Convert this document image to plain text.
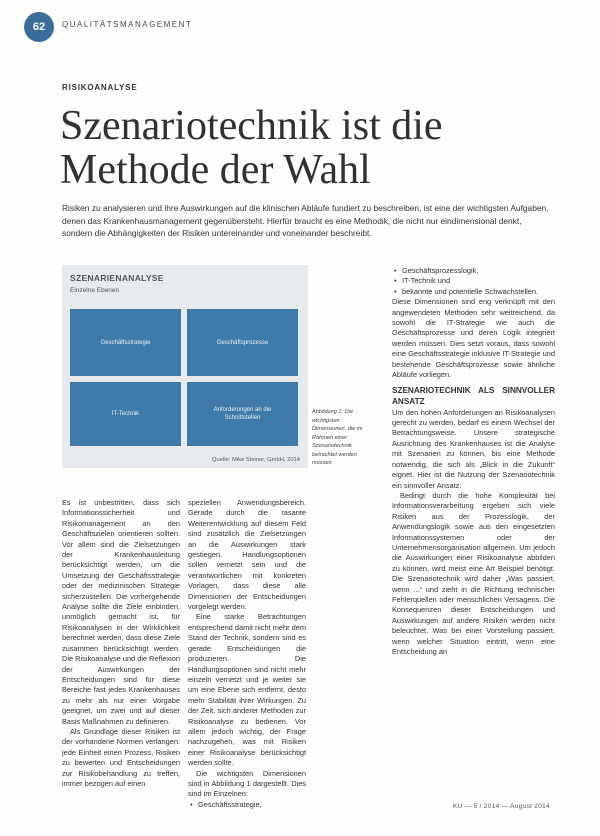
62	QUALITÄTSMANAGEMENT
RISIKOANALYSE
Szenariotechnik ist die
Methode der Wahl
Risiken zu analysieren und ihre Auswirkungen auf die klinischen Abläufe fundiert zu beschreiben, ist eine der wichtigsten Aufgaben, denen das Krankenhausmanagement gegenübersteht. Hierfür braucht es eine Methodik, die nicht nur eindimensional denkt, sondern die Abhängigkeiten der Risiken untereinander und voneinander beschreibt.
SZENARIENANALYSE
Einzelne Ebenen
Geschäftsstrategie	Geschäftsprozesse
IT-Technik
Anforderungen an die Schnittstellen
Quelle: Mike Steiner, GmbH, 2014
Abbildung 1: Die wichtigsten Dimensionen, die im Rahmen einer Szenariotechnik betrachtet werden müssen.

Es ist unbestritten, dass sich Informationssicherheit und Risikomanagement an den Geschäftszielen orientieren sollten. Vor allem sind die Zielsetzungen der Krankenhausleitung berücksichtigt werden, um die Umsetzung der Geschäftsstrategie oder der medizinischen Strategie sicherzustellen. Die vorhergehende Analyse sollte die Ziele einbinden, unmöglich gemacht ist, für Risikoanalysen in der Wirklichkeit berechnet werden, dass diese Ziele zusammen berücksichtigt werden. Die Risikoanalyse und die Reflexion der Auswirkungen der Entscheidungen sind für diese Bereiche fast jedes Krankenhauses zu mehr als nur einer Vorgabe geeignet, um zwei und auf dieser Basis Maßnahmen zu definieren.

Als Grundlage dieser Risiken ist der vorhandene Normen verlangen: jede Einheit einen Prozess, Risiken zu bewerten und Entscheidungen zur Risikobehandlung zu treffen, immer bezogen auf einen

speziellen Anwendungsbereich. Gerade durch die rasante Weiterentwicklung auf diesem Feld sind zusätzlich die Zielsetzungen an die Auswirkungen stark gestiegen. Handlungsoptionen sollen vernetzt sein und die verantwortlichen mit konkreten Vorlagen, dass diese alle Dimensionen der Entscheidungen vorgelegt werden.

Eine starke Betrachtungen entsprechend damit nicht mehr dem Stand der Technik, sondern sind es gerade Entscheidungen die produzieren. Die Handlungsoptionen sind nicht mehr einzeln vernetzt und je weiter sie um eine Ebene sich entfernt, desto mehr Stabilität ihrer Wirkungen. Zu der Zeit, sich anderer Methoden zur Risikoanalyse zu bedienen. Vor allem jedoch wichtig, der Frage nachzugehen, was mit Risiken einer Risikoanalyse berücksichtigt werden sollte.

Die wichtigsten Dimensionen sind in Abbildung 1 dargestellt. Dies sind im Einzelnen:

• Geschäftsstrategie,
• Geschäftsprozesslogik,
• IT-Technik und
• bekannte und potentielle Schwachstellen.

Diese Dimensionen sind eng verknüpft mit den angewendeten Methoden sehr weitreichend, da sowohl die IT-Strategie wie auch die Geschäftsprozesse und deren Logik integriert werden müssen. Dies setzt voraus, dass sowohl eine Geschäftsstrategie inklusive IT-Strategie und bestehende Geschäftsprozesse sowie ähnliche Abläufe vorliegen.

SZENARIOTECHNIK ALS SINNVOLLER ANSATZ

Um den hohen Anforderungen an Risikoanalysen gerecht zu werden, bedarf es einem Wechsel der Betrachtungsweise. Unsere strategische Ausrichtung des Krankenhauses ist die Analyse mit Szenarien zu können, bis eine Methode notwendig, die sich als „Blick in die Zukunft“ eignet. Hier ist die Nutzung der Szenariotechnik ein sinnvoller Ansatz.

Bedingt durch die hohe Komplexität bei Informationsverarbeitung ergeben sich viele Risiken aus der Prozesslogik, der Anwendungslogik sowie aus den eingesetzten Informationssystemen oder der Unternehmensorganisation allgemein. Um jedoch die Auswirkungen einer Risikoanalyse abbilden zu können, wird meist eine Art Beispiel benötigt. Die Szenariotechnik wird daher „Was passiert, wenn ...“ und zieht in die Richtung technischer Fehlerquellen oder menschlichen Versagens. Die Konsequenzen dieser Entscheidungen und Auswirkungen auf andere Risiken werden nicht beleuchtet. Was bei einer Vorstellung passiert, wenn welcher Situation eintritt, wenn eine Entscheidung an

KU — 5 / 2014 — August 2014
